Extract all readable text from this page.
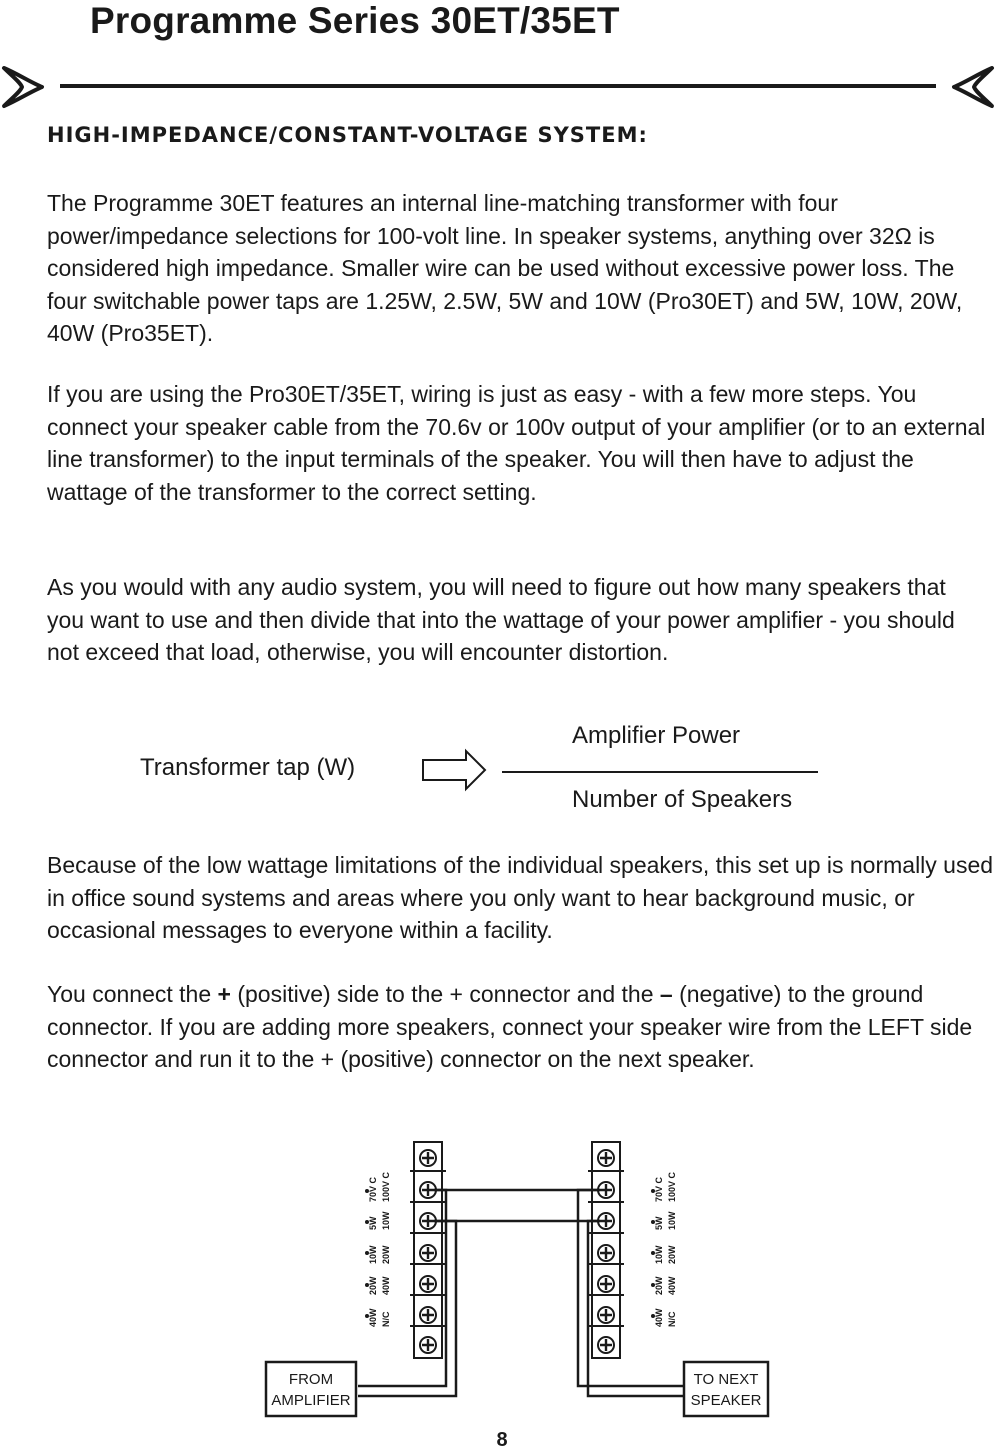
Programme Series 30ET/35ET
HIGH-IMPEDANCE/CONSTANT-VOLTAGE SYSTEM:

The Programme 30ET features an internal line-matching transformer with four power/impedance selections for 100-volt line. In speaker systems, anything over 32Ω is considered high impedance. Smaller wire can be used without excessive power loss. The four switchable power taps are 1.25W, 2.5W, 5W and 10W (Pro30ET) and 5W, 10W, 20W, 40W (Pro35ET).

If you are using the Pro30ET/35ET, wiring is just as easy - with a few more steps. You connect your speaker cable from the 70.6v or 100v output of your amplifier (or to an external line transformer) to the input terminals of the speaker. You will then have to adjust the wattage of the transformer to the correct setting.

As you would with any audio system, you will need to figure out how many speakers that you want to use and then divide that into the wattage of your power amplifier - you should not exceed that load, otherwise, you will encounter distortion.

Transformer tap (W)
Amplifier Power
Number of Speakers

Because of the low wattage limitations of the individual speakers, this set up is normally used in office sound systems and areas where you only want to hear background music, or occasional messages to everyone within a facility.

You connect the + (positive) side to the + connector and the – (negative) to the ground connector. If you are adding more speakers, connect your speaker wire from the LEFT side connector and run it to the + (positive) connector on the next speaker.

70V C 100V C
5W 10W
10W 20W
20W 40W
40W N/C
70V C 100V C
5W 10W
10W 20W
20W 40W
40W N/C
FROM
AMPLIFIER
TO NEXT
SPEAKER
8
